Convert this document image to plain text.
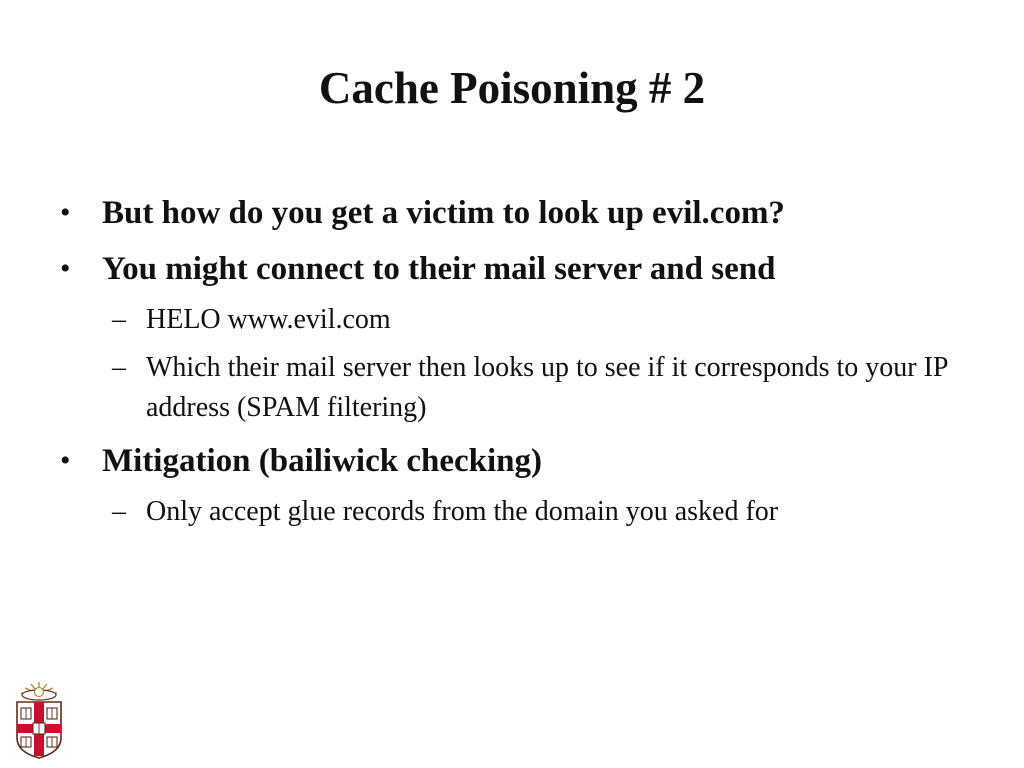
Cache Poisoning # 2
• But how do you get a victim to look up evil.com?
• You might connect to their mail server and send
– HELO www.evil.com
– Which their mail server then looks up to see if it corresponds to your IP address (SPAM filtering)
• Mitigation (bailiwick checking)
– Only accept glue records from the domain you asked for
